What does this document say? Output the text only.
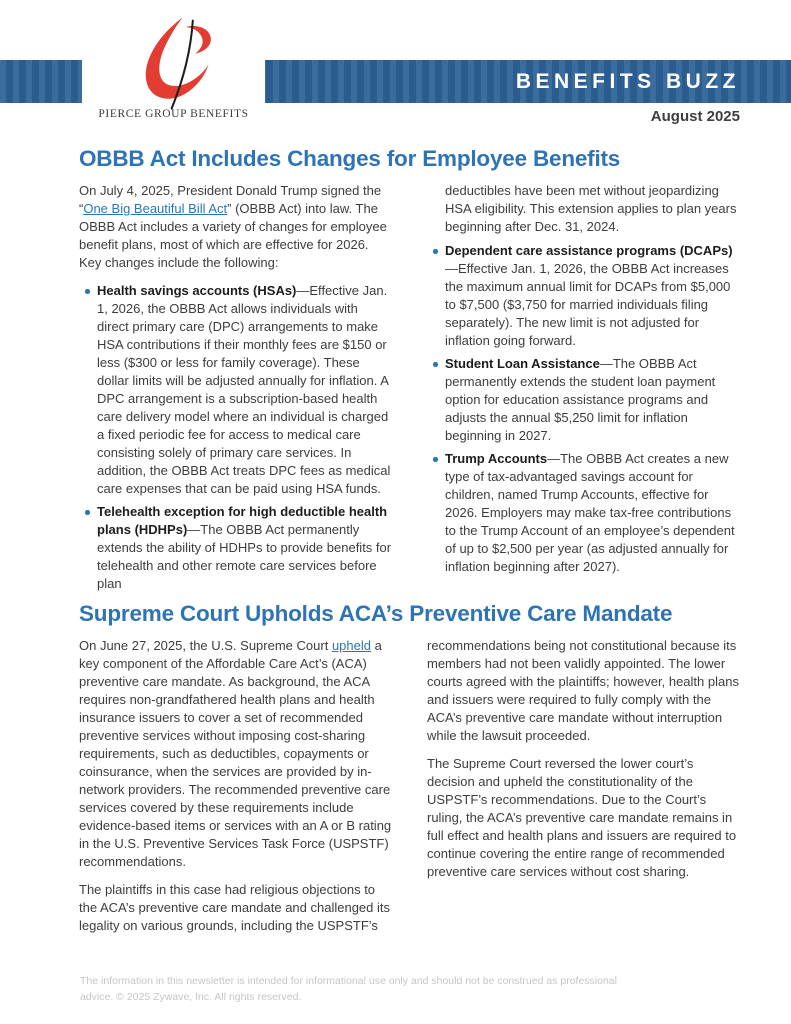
BENEFITS BUZZ
PIERCE GROUP BENEFITS	August 2025
OBBB Act Includes Changes for Employee Benefits

On July 4, 2025, President Donald Trump signed the “One Big Beautiful Bill Act” (OBBB Act) into law. The OBBB Act includes a variety of changes for employee benefit plans, most of which are effective for 2026. Key changes include the following:

Health savings accounts (HSAs)—Effective Jan. 1, 2026, the OBBB Act allows individuals with direct primary care (DPC) arrangements to make HSA contributions if their monthly fees are $150 or less ($300 or less for family coverage). These dollar limits will be adjusted annually for inflation. A DPC arrangement is a subscription-based health care delivery model where an individual is charged a fixed periodic fee for access to medical care consisting solely of primary care services. In addition, the OBBB Act treats DPC fees as medical care expenses that can be paid using HSA funds.
Telehealth exception for high deductible health plans (HDHPs)—The OBBB Act permanently extends the ability of HDHPs to provide benefits for telehealth and other remote care services before plan

deductibles have been met without jeopardizing HSA eligibility. This extension applies to plan years beginning after Dec. 31, 2024.

Dependent care assistance programs (DCAPs)—Effective Jan. 1, 2026, the OBBB Act increases the maximum annual limit for DCAPs from $5,000 to $7,500 ($3,750 for married individuals filing separately). The new limit is not adjusted for inflation going forward.
Student Loan Assistance—The OBBB Act permanently extends the student loan payment option for education assistance programs and adjusts the annual $5,250 limit for inflation beginning in 2027.
Trump Accounts—The OBBB Act creates a new type of tax-advantaged savings account for children, named Trump Accounts, effective for 2026. Employers may make tax-free contributions to the Trump Account of an employee’s dependent of up to $2,500 per year (as adjusted annually for inflation beginning after 2027).
Supreme Court Upholds ACA’s Preventive Care Mandate

On June 27, 2025, the U.S. Supreme Court upheld a key component of the Affordable Care Act’s (ACA) preventive care mandate. As background, the ACA requires non-grandfathered health plans and health insurance issuers to cover a set of recommended preventive services without imposing cost-sharing requirements, such as deductibles, copayments or coinsurance, when the services are provided by in-network providers. The recommended preventive care services covered by these requirements include evidence-based items or services with an A or B rating in the U.S. Preventive Services Task Force (USPSTF) recommendations.

The plaintiffs in this case had religious objections to the ACA’s preventive care mandate and challenged its legality on various grounds, including the USPSTF’s

recommendations being not constitutional because its members had not been validly appointed. The lower courts agreed with the plaintiffs; however, health plans and issuers were required to fully comply with the ACA’s preventive care mandate without interruption while the lawsuit proceeded.

The Supreme Court reversed the lower court’s decision and upheld the constitutionality of the USPSTF’s recommendations. Due to the Court’s ruling, the ACA’s preventive care mandate remains in full effect and health plans and issuers are required to continue covering the entire range of recommended preventive care services without cost sharing.

The information in this newsletter is intended for informational use only and should not be construed as professional advice. © 2025 Zywave, Inc. All rights reserved.
